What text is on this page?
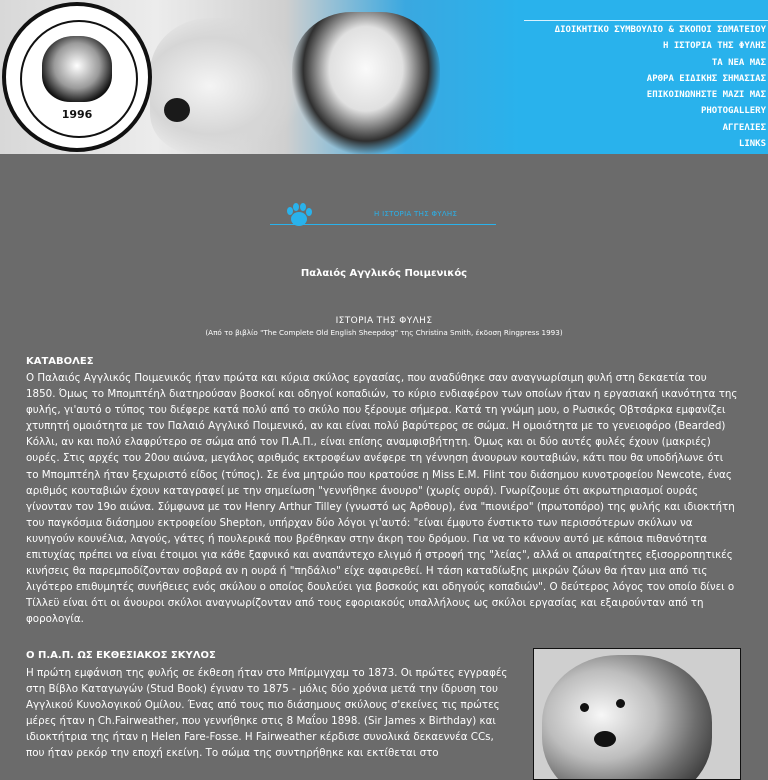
1996
ΔΙΟΙΚΗΤΙΚΟ ΣΥΜΒΟΥΛΙΟ & ΣΚΟΠΟΙ ΣΩΜΑΤΕΙΟΥ
Η ΙΣΤΟΡΙΑ ΤΗΣ ΦΥΛΗΣ
ΤΑ ΝΕΑ ΜΑΣ
ΑΡΘΡΑ ΕΙΔΙΚΗΣ ΣΗΜΑΣΙΑΣ
ΕΠΙΚΟΙΝΩΝΗΣΤΕ ΜΑΖΙ ΜΑΣ
PHOTOGALLERY
ΑΓΓΕΛΙΕΣ
LINKS
Η ΙΣΤΟΡΙΑ ΤΗΣ ΦΥΛΗΣ
Παλαιός Αγγλικός Ποιμενικός
ΙΣΤΟΡΙΑ ΤΗΣ ΦΥΛΗΣ
(Από το βιβλίο "The Complete Old English Sheepdog" της Christina Smith, έκδοση Ringpress 1993)
ΚΑΤΑΒΟΛΕΣ

Ο Παλαιός Αγγλικός Ποιμενικός ήταν πρώτα και κύρια σκύλος εργασίας, που αναδύθηκε σαν αναγνωρίσιμη φυλή στη δεκαετία του 1850. Όμως το Μπομπτέηλ διατηρούσαν βοσκοί και οδηγοί κοπαδιών, το κύριο ενδιαφέρον των οποίων ήταν η εργασιακή ικανότητα της φυλής, γι'αυτό ο τύπος του διέφερε κατά πολύ από το σκύλο που ξέρουμε σήμερα. Κατά τη γνώμη μου, ο Ρωσικός Οβτσάρκα εμφανίζει χτυπητή ομοιότητα με τον Παλαιό Αγγλικό Ποιμενικό, αν και είναι πολύ βαρύτερος σε σώμα. Η ομοιότητα με το γενειοφόρο (Bearded) Κόλλι, αν και πολύ ελαφρύτερο σε σώμα από τον Π.Α.Π., είναι επίσης αναμφισβήτητη. Όμως και οι δύο αυτές φυλές έχουν (μακριές) ουρές. Στις αρχές του 20ου αιώνα, μεγάλος αριθμός εκτροφέων ανέφερε τη γέννηση άνουρων κουταβιών, κάτι που θα υποδήλωνε ότι το Μπομπτέηλ ήταν ξεχωριστό είδος (τύπος). Σε ένα μητρώο που κρατούσε η Miss E.M. Flint του διάσημου κυνοτροφείου Newcote, ένας αριθμός κουταβιών έχουν καταγραφεί με την σημείωση "γεννήθηκε άνουρο" (χωρίς ουρά). Γνωρίζουμε ότι ακρωτηριασμοί ουράς γίνονταν τον 19ο αιώνα. Σύμφωνα με τον Henry Arthur Tilley (γνωστό ως Άρθουρ), ένα "πιονιέρο" (πρωτοπόρο) της φυλής και ιδιοκτήτη του παγκόσμια διάσημου εκτροφείου Shepton, υπήρχαν δύο λόγοι γι'αυτό: "είναι έμφυτο ένστικτο των περισσότερων σκύλων να κυνηγούν κουνέλια, λαγούς, γάτες ή πουλερικά που βρέθηκαν στην άκρη του δρόμου. Για να το κάνουν αυτό με κάποια πιθανότητα επιτυχίας πρέπει να είναι έτοιμοι για κάθε ξαφνικό και αναπάντεχο ελιγμό ή στροφή της "λείας", αλλά οι απαραίτητες εξισορροπητικές κινήσεις θα παρεμποδίζονταν σοβαρά αν η ουρά ή "πηδάλιο" είχε αφαιρεθεί. Η τάση καταδίωξης μικρών ζώων θα ήταν μια από τις λιγότερο επιθυμητές συνήθειες ενός σκύλου ο οποίος δουλεύει για βοσκούς και οδηγούς κοπαδιών". Ο δεύτερος λόγος τον οποίο δίνει ο Τίλλεϋ είναι ότι οι άνουροι σκύλοι αναγνωρίζονταν από τους εφοριακούς υπαλλήλους ως σκύλοι εργασίας και εξαιρούνταν από τη φορολογία.

Ο Π.Α.Π. ΩΣ ΕΚΘΕΣΙΑΚΟΣ ΣΚΥΛΟΣ

Η πρώτη εμφάνιση της φυλής σε έκθεση ήταν στο Μπίρμιγχαμ το 1873. Οι πρώτες εγγραφές στη Βίβλο Καταγωγών (Stud Book) έγιναν το 1875 - μόλις δύο χρόνια μετά την ίδρυση του Αγγλικού Κυνολογικού Ομίλου. Ένας από τους πιο διάσημους σκύλους σ'εκείνες τις πρώτες μέρες ήταν η Ch.Fairweather, που γεννήθηκε στις 8 Μαΐου 1898. (Sir James x Birthday) και ιδιοκτήτρια της ήταν η Helen Fare-Fosse. Η Fairweather κέρδισε συνολικά δεκαεννέα CCs, που ήταν ρεκόρ την εποχή εκείνη. Το σώμα της συντηρήθηκε και εκτίθεται στο
